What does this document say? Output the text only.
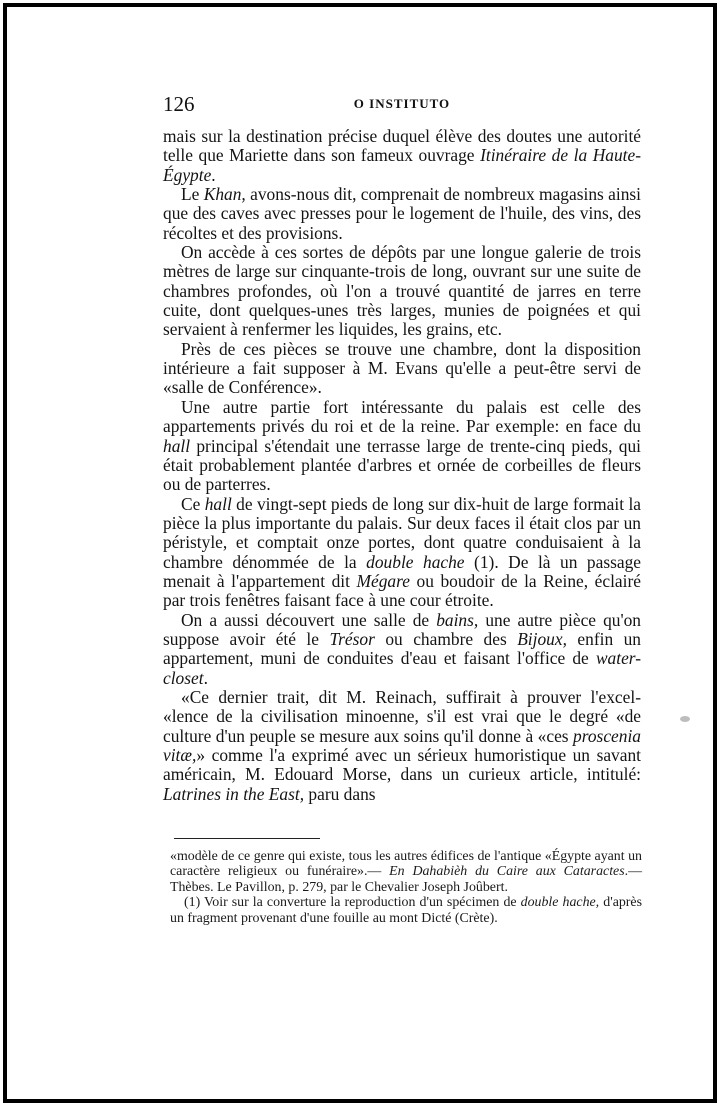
126	O INSTITUTO

mais sur la destination précise duquel élève des doutes une autorité telle que Mariette dans son fameux ouvrage Itinéraire de la Haute-Égypte.

Le Khan, avons-nous dit, comprenait de nombreux magasins ainsi que des caves avec presses pour le logement de l'huile, des vins, des récoltes et des provisions.

On accède à ces sortes de dépôts par une longue galerie de trois mètres de large sur cinquante-trois de long, ouvrant sur une suite de chambres profondes, où l'on a trouvé quantité de jarres en terre cuite, dont quelques-unes très larges, munies de poignées et qui servaient à renfermer les liquides, les grains, etc.

Près de ces pièces se trouve une chambre, dont la disposition intérieure a fait supposer à M. Evans qu'elle a peut-être servi de «salle de Conférence».

Une autre partie fort intéressante du palais est celle des appartements privés du roi et de la reine. Par exemple: en face du hall principal s'étendait une terrasse large de trente-cinq pieds, qui était probablement plantée d'arbres et ornée de corbeilles de fleurs ou de parterres.

Ce hall de vingt-sept pieds de long sur dix-huit de large formait la pièce la plus importante du palais. Sur deux faces il était clos par un péristyle, et comptait onze portes, dont quatre conduisaient à la chambre dénommée de la double hache (1). De là un passage menait à l'appartement dit Mégare ou boudoir de la Reine, éclairé par trois fenêtres faisant face à une cour étroite.

On a aussi découvert une salle de bains, une autre pièce qu'on suppose avoir été le Trésor ou chambre des Bijoux, enfin un appartement, muni de conduites d'eau et faisant l'office de water-closet.

«Ce dernier trait, dit M. Reinach, suffirait à prouver l'excel- «lence de la civilisation minoenne, s'il est vrai que le degré «de culture d'un peuple se mesure aux soins qu'il donne à «ces proscenia vitæ,» comme l'a exprimé avec un sérieux humoristique un savant américain, M. Edouard Morse, dans un curieux article, intitulé: Latrines in the East, paru dans

«modèle de ce genre qui existe, tous les autres édifices de l'antique «Égypte ayant un caractère religieux ou funéraire».— En Dahabièh du Caire aux Cataractes.—Thèbes. Le Pavillon, p. 279, par le Chevalier Joseph Joûbert.

(1) Voir sur la converture la reproduction d'un spécimen de double hache, d'après un fragment provenant d'une fouille au mont Dicté (Crète).
